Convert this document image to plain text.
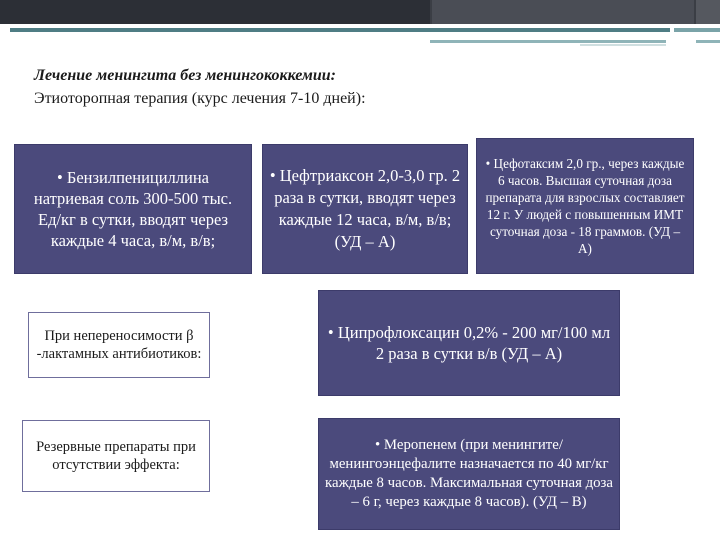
Лечение менингита без менингококкемии:
Этиоторопная терапия (курс лечения 7-10 дней):
• Бензилпенициллина натриевая соль 300-500 тыс. Ед/кг в сутки, вводят через каждые 4 часа, в/м, в/в;
• Цефтриаксон 2,0-3,0 гр. 2 раза в сутки, вводят через каждые 12 часа, в/м, в/в; (УД – А)
• Цефотаксим 2,0 гр., через каждые 6 часов. Высшая суточная доза препарата для взрослых составляет 12 г. У людей с повышенным ИМТ суточная доза - 18 граммов. (УД – А)
При непереносимости β -лактамных антибиотиков:
• Ципрофлоксацин 0,2% - 200 мг/100 мл 2 раза в сутки в/в (УД – А)
Резервные препараты при отсутствии эффекта:
• Меропенем (при менингите/менингоэнцефалите назначается по 40 мг/кг каждые 8 часов. Максимальная суточная доза – 6 г, через каждые 8 часов). (УД – В)
